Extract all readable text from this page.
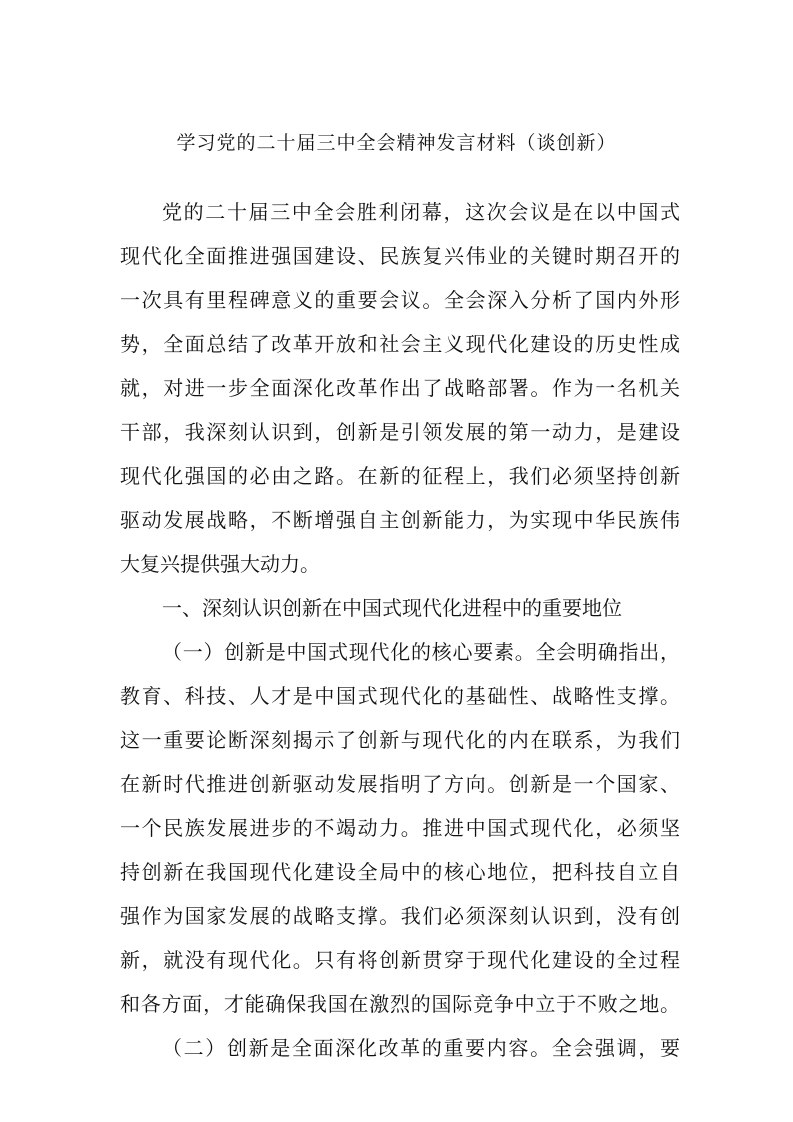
学习党的二十届三中全会精神发言材料（谈创新）
党的二十届三中全会胜利闭幕，这次会议是在以中国式
现代化全面推进强国建设、民族复兴伟业的关键时期召开的
一次具有里程碑意义的重要会议。全会深入分析了国内外形
势，全面总结了改革开放和社会主义现代化建设的历史性成
就，对进一步全面深化改革作出了战略部署。作为一名机关
干部，我深刻认识到，创新是引领发展的第一动力，是建设
现代化强国的必由之路。在新的征程上，我们必须坚持创新
驱动发展战略，不断增强自主创新能力，为实现中华民族伟
大复兴提供强大动力。
一、深刻认识创新在中国式现代化进程中的重要地位
（一）创新是中国式现代化的核心要素。全会明确指出，
教育、科技、人才是中国式现代化的基础性、战略性支撑。
这一重要论断深刻揭示了创新与现代化的内在联系，为我们
在新时代推进创新驱动发展指明了方向。创新是一个国家、
一个民族发展进步的不竭动力。推进中国式现代化，必须坚
持创新在我国现代化建设全局中的核心地位，把科技自立自
强作为国家发展的战略支撑。我们必须深刻认识到，没有创
新，就没有现代化。只有将创新贯穿于现代化建设的全过程
和各方面，才能确保我国在激烈的国际竞争中立于不败之地。
（二）创新是全面深化改革的重要内容。全会强调，要
